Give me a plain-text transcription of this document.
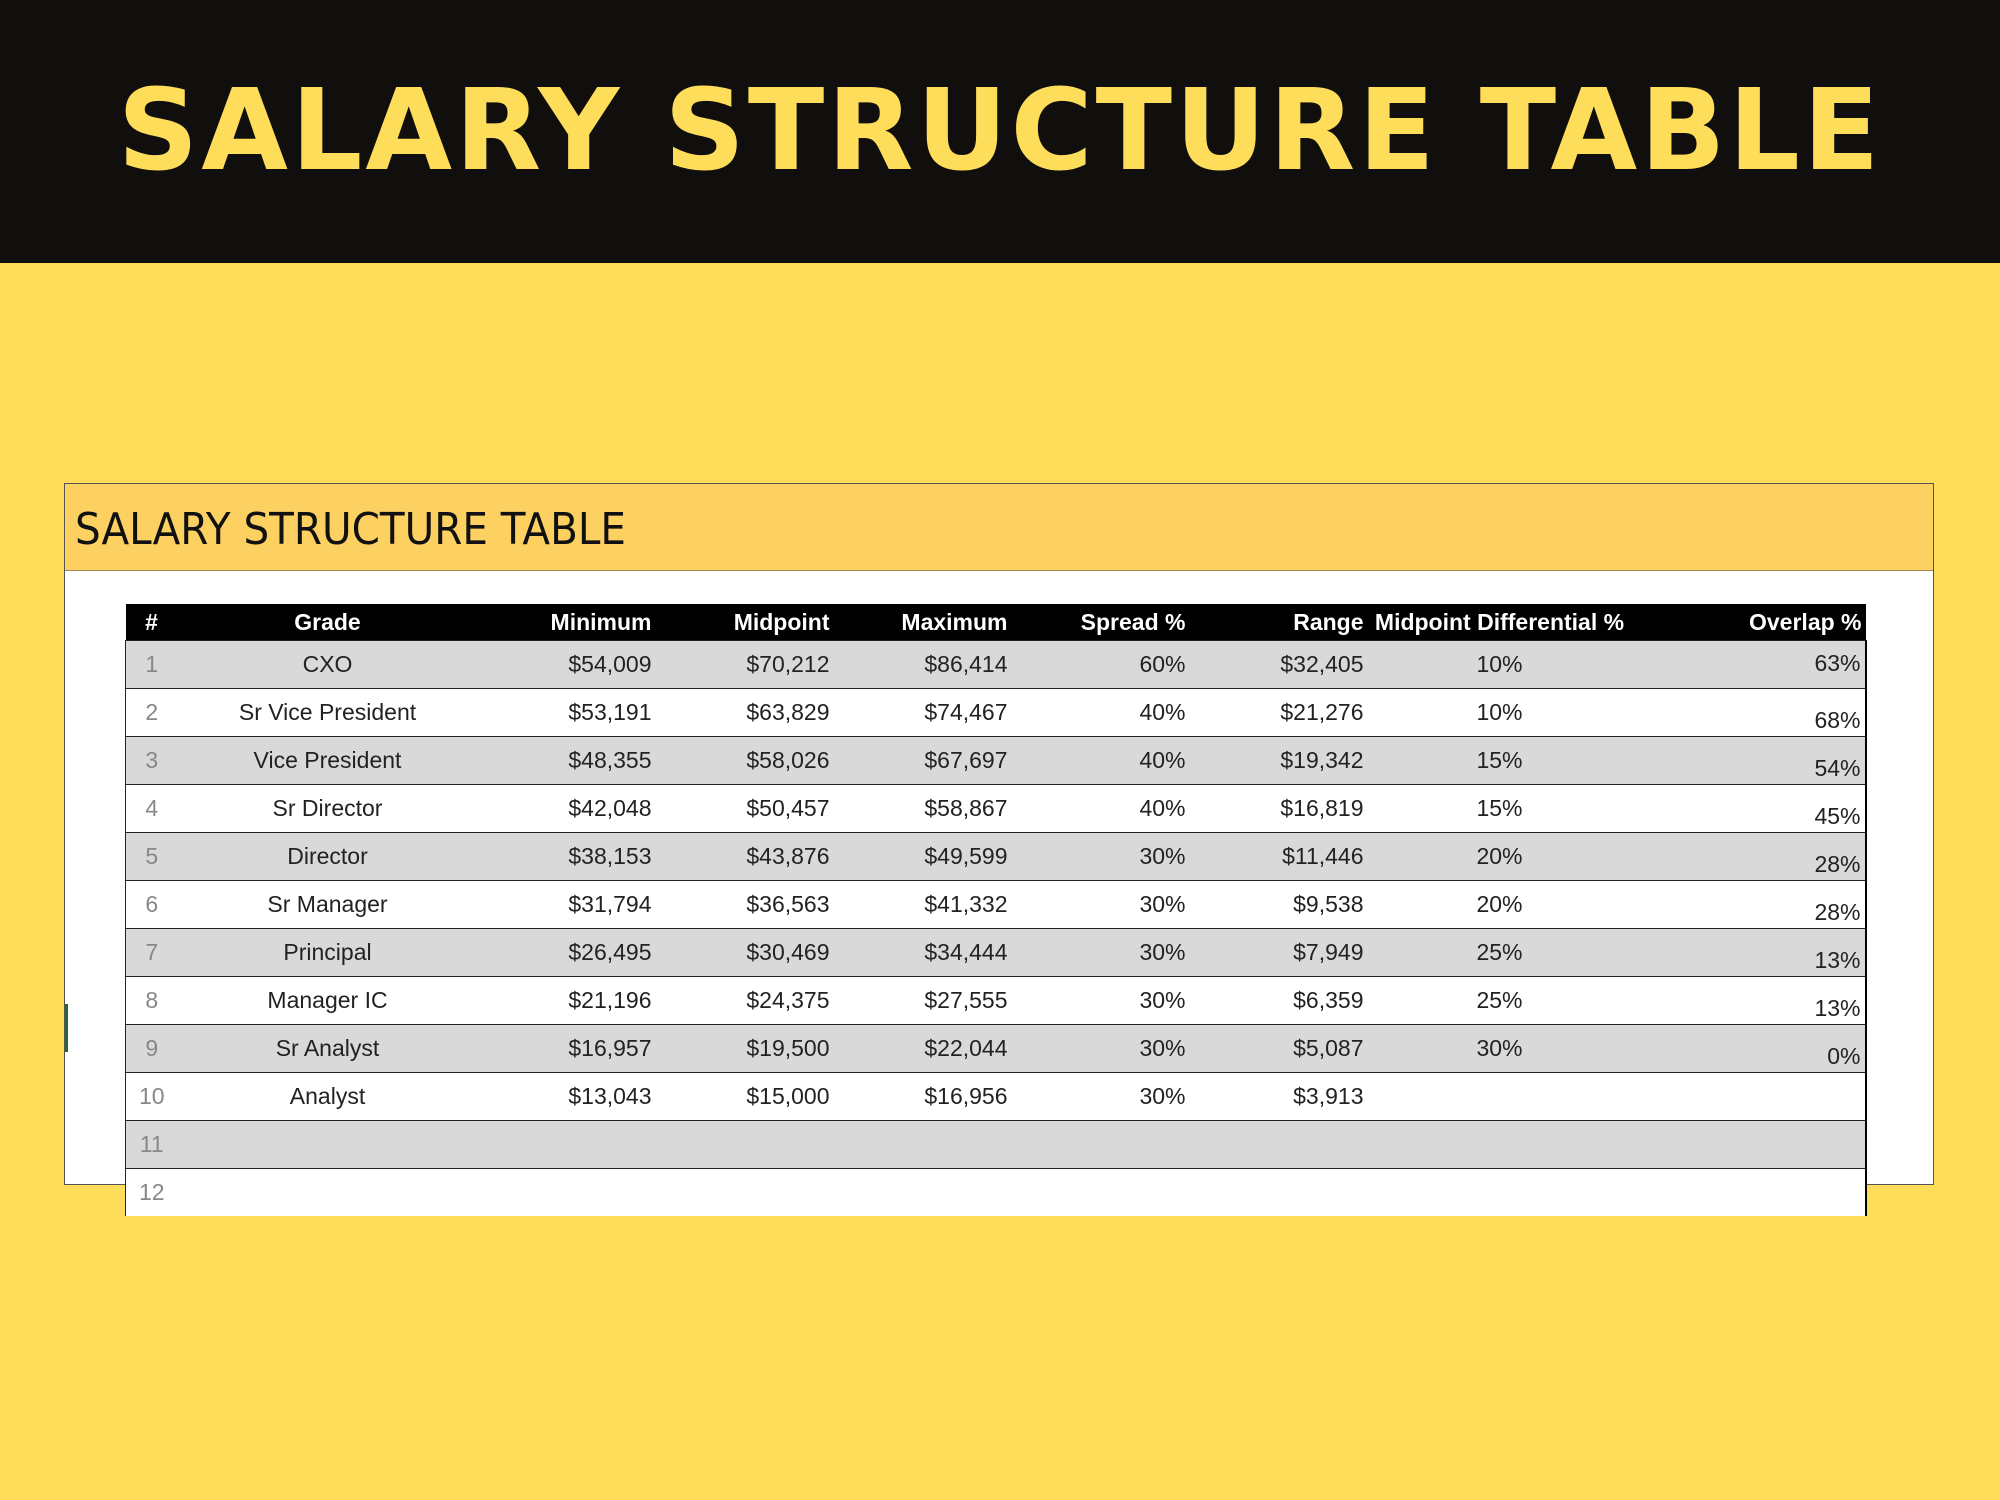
SALARY STRUCTURE TABLE
SALARY STRUCTURE TABLE
#	Grade	Minimum	Midpoint	Maximum	Spread %	Range	Midpoint Differential %	Overlap %
1	CXO	$54,009	$70,212	$86,414	60%	$32,405	10%	63%
2	Sr Vice President	$53,191	$63,829	$74,467	40%	$21,276	10%	68%
3	Vice President	$48,355	$58,026	$67,697	40%	$19,342	15%	54%
4	Sr Director	$42,048	$50,457	$58,867	40%	$16,819	15%	45%
5	Director	$38,153	$43,876	$49,599	30%	$11,446	20%	28%
6	Sr Manager	$31,794	$36,563	$41,332	30%	$9,538	20%	28%
7	Principal	$26,495	$30,469	$34,444	30%	$7,949	25%	13%
8	Manager IC	$21,196	$24,375	$27,555	30%	$6,359	25%	13%
9	Sr Analyst	$16,957	$19,500	$22,044	30%	$5,087	30%	0%
10	Analyst	$13,043	$15,000	$16,956	30%	$3,913		
11								
12								
